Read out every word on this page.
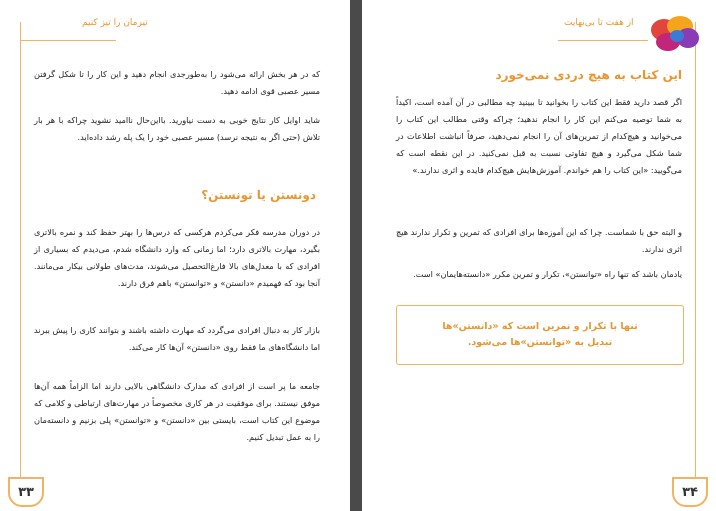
تیرمان را تیز کنیم

که در هر بخش ارائه می‌شود را به‌طورجدی انجام دهید و این کار را تا شکل گرفتن مسیر عصبی قوی ادامه دهید.

شاید اوایل کار نتایج خوبی به دست نیاورید. بااین‌حال ناامید نشوید چراکه با هر بار تلاش (حتی اگر به نتیجه نرسد) مسیر عصبی خود را یک پله رشد داده‌اید.

دونستن یا تونستن؟

در دوران مدرسه فکر می‌کردم هرکسی که درس‌ها را بهتر حفظ کند و نمره بالاتری بگیرد، مهارت بالاتری دارد؛ اما زمانی که وارد دانشگاه شدم، می‌دیدم که بسیاری از افرادی که با معدل‌های بالا فارغ‌التحصیل می‌شوند، مدت‌های طولانی بیکار می‌مانند. آنجا بود که فهمیدم «دانستن» و «توانستن» باهم فرق دارند.

بازار کار به دنبال افرادی می‌گردد که مهارت داشته باشند و بتوانند کاری را پیش ببرند اما دانشگاه‌های ما فقط روی «دانستن» آن‌ها کار می‌کند.

جامعه ما پر است از افرادی که مدارک دانشگاهی بالایی دارند اما الزاماً همه آن‌ها موفق نیستند. برای موفقیت در هر کاری مخصوصاً در مهارت‌های ارتباطی و کلامی که موضوع این کتاب است، بایستی بین «دانستن» و «توانستن» پلی بزنیم و دانسته‌مان را به عمل تبدیل کنیم.

۳۳
از هفت تا بی‌نهایت
این کتاب به هیچ دردی نمی‌خورد

اگر قصد دارید فقط این کتاب را بخوانید تا ببینید چه مطالبی در آن آمده است، اکیداً به شما توصیه می‌کنم این کار را انجام ندهید؛ چراکه وقتی مطالب این کتاب را می‌خوانید و هیچ‌کدام از تمرین‌های آن را انجام نمی‌دهید، صرفاً انباشت اطلاعات در شما شکل می‌گیرد و هیچ تفاوتی نسبت به قبل نمی‌کنید. در این نقطه است که می‌گویید: «این کتاب را هم خواندم. آموزش‌هایش هیچ‌کدام فایده و اثری ندارند.»

و البته حق با شماست. چرا که این آموزه‌ها برای افرادی که تمرین و تکرار ندارند هیچ اثری ندارند.

یادمان باشد که تنها راه «توانستن»، تکرار و تمرین مکرر «دانسته‌هایمان» است.

تنها با تکرار و تمرین است که «دانستن»ها تبدیل به «توانستن»ها می‌شود.
۳۴
